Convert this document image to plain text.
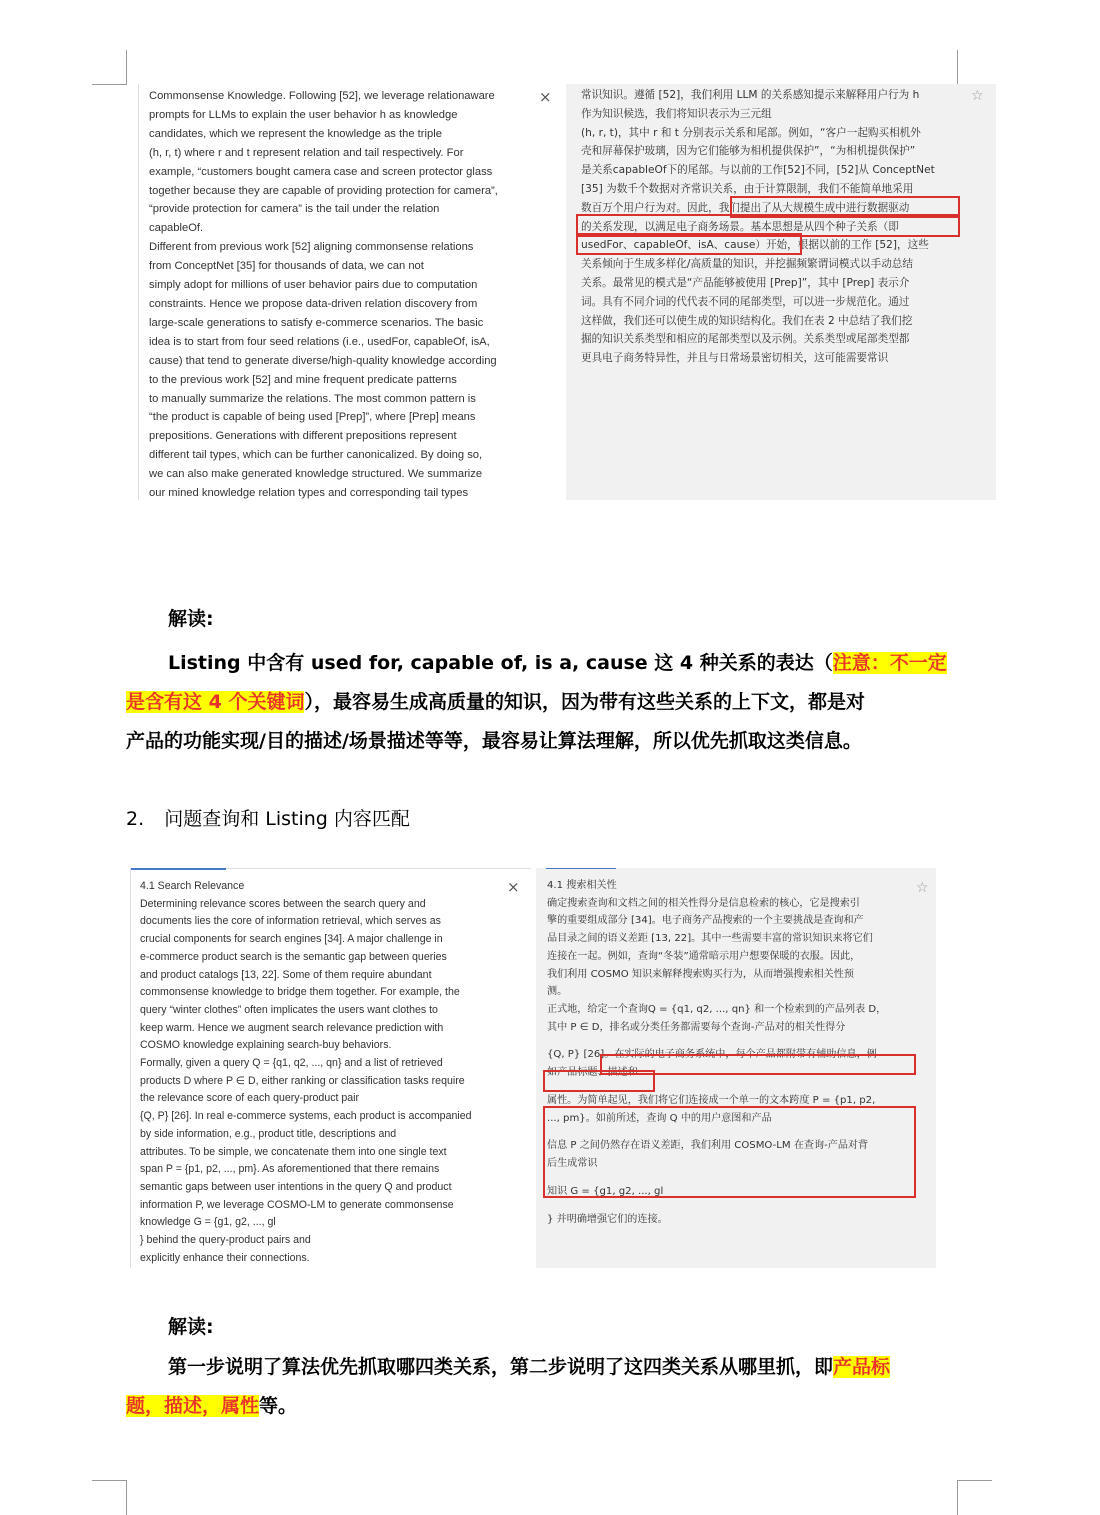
Commonsense Knowledge. Following [52], we leverage relationaware
prompts for LLMs to explain the user behavior h as knowledge
candidates, which we represent the knowledge as the triple
(h, r, t) where r and t represent relation and tail respectively. For
example, “customers bought camera case and screen protector glass
together because they are capable of providing protection for camera”,
“provide protection for camera” is the tail under the relation
capableOf.
Different from previous work [52] aligning commonsense relations
from ConceptNet [35] for thousands of data, we can not
simply adopt for millions of user behavior pairs due to computation
constraints. Hence we propose data-driven relation discovery from
large-scale generations to satisfy e-commerce scenarios. The basic
idea is to start from four seed relations (i.e., usedFor, capableOf, isA,
cause) that tend to generate diverse/high-quality knowledge according
to the previous work [52] and mine frequent predicate patterns
to manually summarize the relations. The most common pattern is
“the product is capable of being used [Prep]”, where [Prep] means
prepositions. Generations with different prepositions represent
different tail types, which can be further canonicalized. By doing so,
we can also make generated knowledge structured. We summarize
our mined knowledge relation types and corresponding tail types
×	常识知识。遵循 [52]，我们利用 LLM 的关系感知提示来解释用户行为 h
作为知识候选，我们将知识表示为三元组
(h, r, t)，其中 r 和 t 分别表示关系和尾部。例如，“客户一起购买相机外
壳和屏幕保护玻璃，因为它们能够为相机提供保护”，“为相机提供保护”
是关系capableOf下的尾部。与以前的工作[52]不同，[52]从 ConceptNet
[35] 为数千个数据对齐常识关系，由于计算限制，我们不能简单地采用
数百万个用户行为对。因此，我们提出了从大规模生成中进行数据驱动
的关系发现，以满足电子商务场景。基本思想是从四个种子关系（即
usedFor、capableOf、isA、cause）开始，根据以前的工作 [52]，这些
关系倾向于生成多样化/高质量的知识，并挖掘频繁谓词模式以手动总结
关系。最常见的模式是“产品能够被使用 [Prep]”，其中 [Prep] 表示介
词。具有不同介词的代代表不同的尾部类型，可以进一步规范化。通过
这样做，我们还可以使生成的知识结构化。我们在表 2 中总结了我们挖
掘的知识关系类型和相应的尾部类型以及示例。关系类型或尾部类型都
更具电子商务特异性，并且与日常场景密切相关，这可能需要常识
☆
解读:
Listing 中含有 used for, capable of, is a, cause 这 4 种关系的表达（注意：不一定
是含有这 4 个关键词），最容易生成高质量的知识，因为带有这些关系的上下文，都是对
产品的功能实现/目的描述/场景描述等等，最容易让算法理解，所以优先抓取这类信息。
2. 问题查询和 Listing 内容匹配
4.1 Search Relevance
Determining relevance scores between the search query and
documents lies the core of information retrieval, which serves as
crucial components for search engines [34]. A major challenge in
e-commerce product search is the semantic gap between queries
and product catalogs [13, 22]. Some of them require abundant
commonsense knowledge to bridge them together. For example, the
query “winter clothes” often implicates the users want clothes to
keep warm. Hence we augment search relevance prediction with
COSMO knowledge explaining search-buy behaviors.
Formally, given a query Q = {q1, q2, ..., qn} and a list of retrieved
products D where P ∈ D, either ranking or classification tasks require
the relevance score of each query-product pair
{Q, P} [26]. In real e-commerce systems, each product is accompanied
by side information, e.g., product title, descriptions and
attributes. To be simple, we concatenate them into one single text
span P = {p1, p2, ..., pm}. As aforementioned that there remains
semantic gaps between user intentions in the query Q and product
information P, we leverage COSMO-LM to generate commonsense
knowledge G = {g1, g2, ..., gl
} behind the query-product pairs and
explicitly enhance their connections.
×	4.1 搜索相关性
确定搜索查询和文档之间的相关性得分是信息检索的核心，它是搜索引
擎的重要组成部分 [34]。电子商务产品搜索的一个主要挑战是查询和产
品目录之间的语义差距 [13, 22]。其中一些需要丰富的常识知识来将它们
连接在一起。例如，查询“冬装”通常暗示用户想要保暖的衣服。因此，
我们利用 COSMO 知识来解释搜索购买行为，从而增强搜索相关性预
测。
正式地，给定一个查询Q = {q1, q2, ..., qn} 和一个检索到的产品列表 D，
其中 P ∈ D，排名或分类任务都需要每个查询-产品对的相关性得分
{Q, P} [26]。在实际的电子商务系统中，每个产品都附带有辅助信息，例
如产品标题、描述和
属性。为简单起见，我们将它们连接成一个单一的文本跨度 P = {p1, p2,
..., pm}。如前所述，查询 Q 中的用户意图和产品
信息 P 之间仍然存在语义差距，我们利用 COSMO-LM 在查询-产品对背
后生成常识
知识 G = {g1, g2, ..., gl
} 并明确增强它们的连接。
☆
解读:
第一步说明了算法优先抓取哪四类关系，第二步说明了这四类关系从哪里抓，即产品标
题，描述，属性等。
